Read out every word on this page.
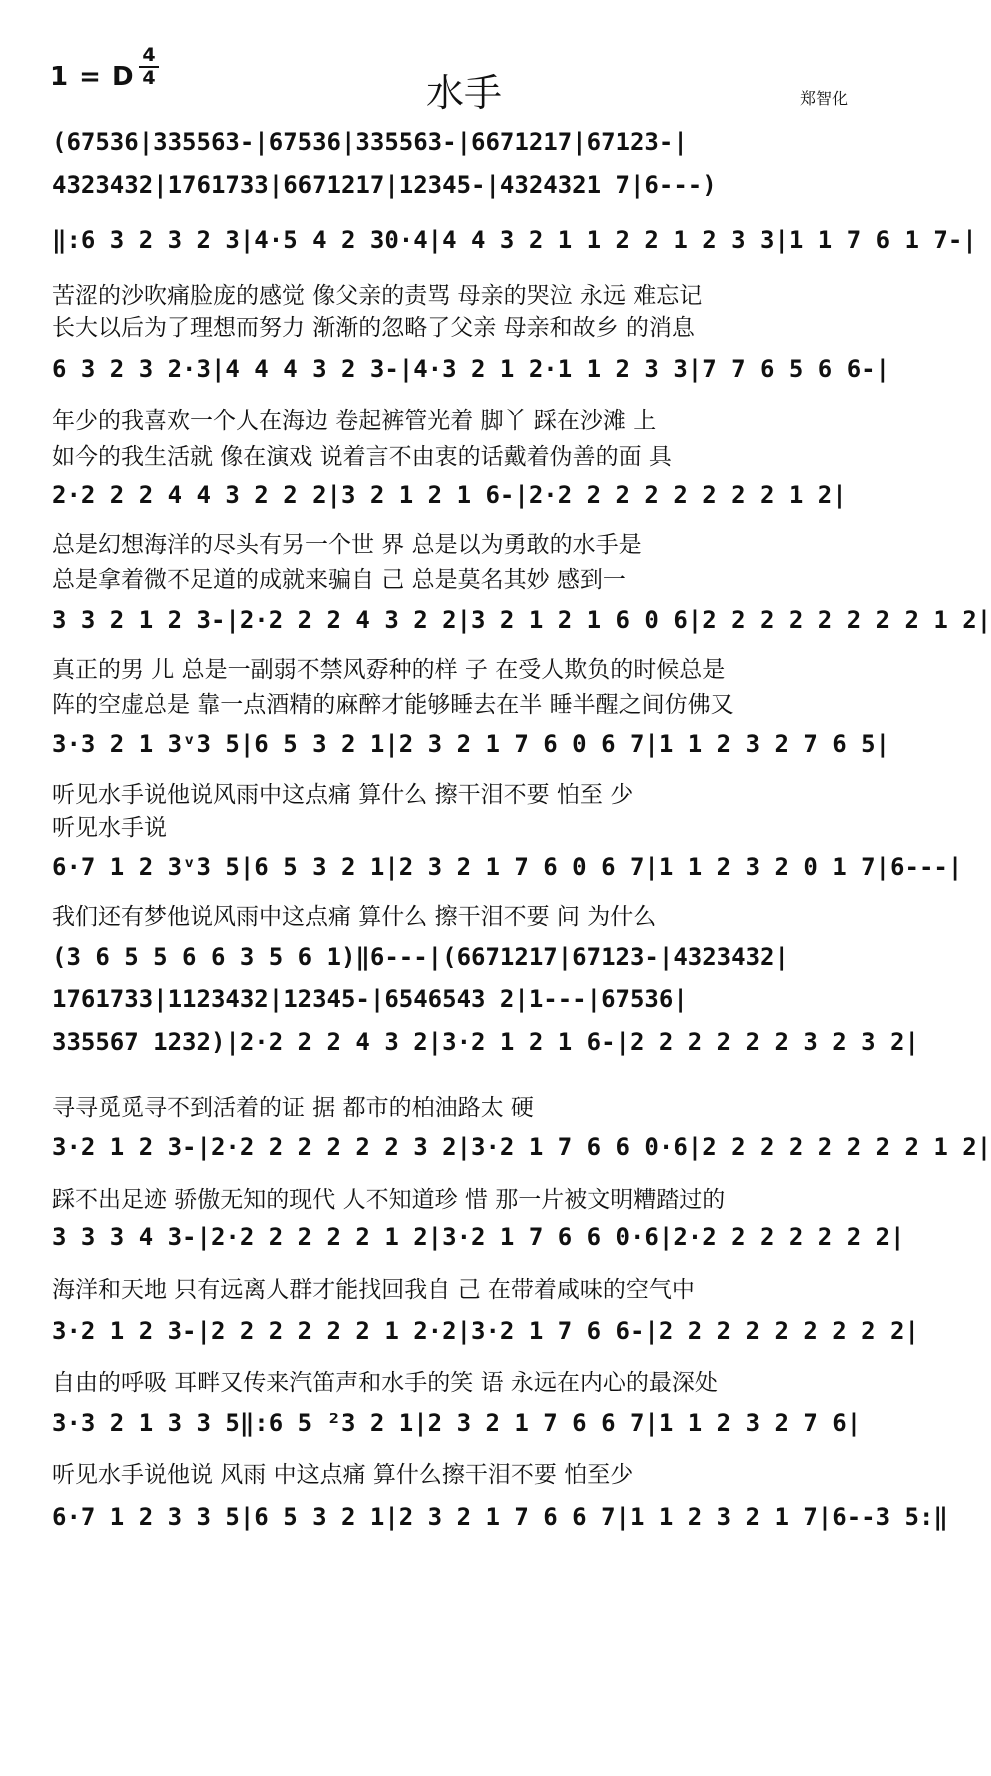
1 = D
4
4	水手	郑智化
(67536|335563-|67536|335563-|6671217|67123-|
4323432|1761733|6671217|12345-|4324321 7|6---)
‖:6 3 2 3 2 3|4·5 4 2 30·4|4 4 3 2 1 1 2 2 1 2 3 3|1 1 7 6 1 7-|
苦涩的沙吹痛脸庞的感觉 像父亲的责骂 母亲的哭泣 永远 难忘记
长大以后为了理想而努力 渐渐的忽略了父亲 母亲和故乡 的消息
6 3 2 3 2·3|4 4 4 3 2 3-|4·3 2 1 2·1 1 2 3 3|7 7 6 5 6 6-|
年少的我喜欢一个人在海边 卷起裤管光着 脚丫 踩在沙滩 上
如今的我生活就 像在演戏 说着言不由衷的话戴着伪善的面 具
2·2 2 2 4 4 3 2 2 2|3 2 1 2 1 6-|2·2 2 2 2 2 2 2 2 1 2|
总是幻想海洋的尽头有另一个世 界 总是以为勇敢的水手是
总是拿着微不足道的成就来骗自 己 总是莫名其妙 感到一
3 3 2 1 2 3-|2·2 2 2 4 3 2 2|3 2 1 2 1 6 0 6|2 2 2 2 2 2 2 2 1 2|
真正的男 儿 总是一副弱不禁风孬种的样 子 在受人欺负的时候总是
阵的空虚总是 靠一点酒精的麻醉才能够睡去在半 睡半醒之间仿佛又
3·3 2 1 3ᵛ3 5|6 5 3 2 1|2 3 2 1 7 6 0 6 7|1 1 2 3 2 7 6 5|
听见水手说他说风雨中这点痛 算什么 擦干泪不要 怕至 少
听见水手说
6·7 1 2 3ᵛ3 5|6 5 3 2 1|2 3 2 1 7 6 0 6 7|1 1 2 3 2 0 1 7|6---|
我们还有梦他说风雨中这点痛 算什么 擦干泪不要 问 为什么
(3 6 5 5 6 6 3 5 6 1)‖6---|(6671217|67123-|4323432|
1761733|1123432|12345-|6546543 2|1---|67536|
335567 1232)|2·2 2 2 4 3 2|3·2 1 2 1 6-|2 2 2 2 2 2 3 2 3 2|
寻寻觅觅寻不到活着的证 据 都市的柏油路太 硬
3·2 1 2 3-|2·2 2 2 2 2 2 3 2|3·2 1 7 6 6 0·6|2 2 2 2 2 2 2 2 1 2|
踩不出足迹 骄傲无知的现代 人不知道珍 惜 那一片被文明糟踏过的
3 3 3 4 3-|2·2 2 2 2 2 1 2|3·2 1 7 6 6 0·6|2·2 2 2 2 2 2 2|
海洋和天地 只有远离人群才能找回我自 己 在带着咸味的空气中
3·2 1 2 3-|2 2 2 2 2 2 1 2·2|3·2 1 7 6 6-|2 2 2 2 2 2 2 2 2|
自由的呼吸 耳畔又传来汽笛声和水手的笑 语 永远在内心的最深处
3·3 2 1 3 3 5‖:6 5 ²3 2 1|2 3 2 1 7 6 6 7|1 1 2 3 2 7 6|
听见水手说他说 风雨 中这点痛 算什么擦干泪不要 怕至少
6·7 1 2 3 3 5|6 5 3 2 1|2 3 2 1 7 6 6 7|1 1 2 3 2 1 7|6--3 5:‖
